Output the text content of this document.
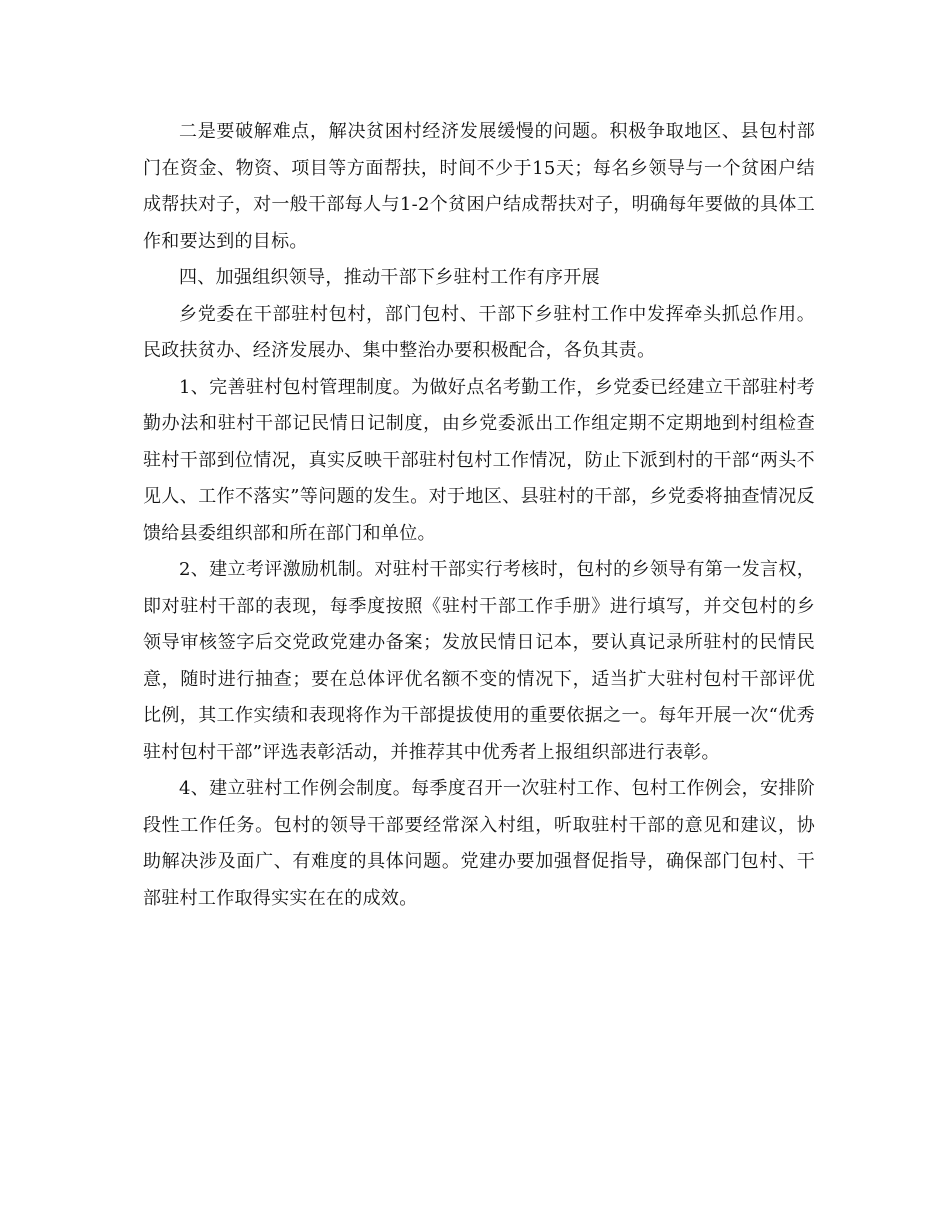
二是要破解难点，解决贫困村经济发展缓慢的问题。积极争取地区、县包村部门在资金、物资、项目等方面帮扶，时间不少于15天；每名乡领导与一个贫困户结成帮扶对子，对一般干部每人与1-2个贫困户结成帮扶对子，明确每年要做的具体工作和要达到的目标。

四、加强组织领导，推动干部下乡驻村工作有序开展

乡党委在干部驻村包村，部门包村、干部下乡驻村工作中发挥牵头抓总作用。民政扶贫办、经济发展办、集中整治办要积极配合，各负其责。

1、完善驻村包村管理制度。为做好点名考勤工作，乡党委已经建立干部驻村考勤办法和驻村干部记民情日记制度，由乡党委派出工作组定期不定期地到村组检查驻村干部到位情况，真实反映干部驻村包村工作情况，防止下派到村的干部“两头不见人、工作不落实”等问题的发生。对于地区、县驻村的干部，乡党委将抽查情况反馈给县委组织部和所在部门和单位。

2、建立考评激励机制。对驻村干部实行考核时，包村的乡领导有第一发言权，即对驻村干部的表现，每季度按照《驻村干部工作手册》进行填写，并交包村的乡领导审核签字后交党政党建办备案；发放民情日记本，要认真记录所驻村的民情民意，随时进行抽查；要在总体评优名额不变的情况下，适当扩大驻村包村干部评优比例，其工作实绩和表现将作为干部提拔使用的重要依据之一。每年开展一次“优秀驻村包村干部”评选表彰活动，并推荐其中优秀者上报组织部进行表彰。

4、建立驻村工作例会制度。每季度召开一次驻村工作、包村工作例会，安排阶段性工作任务。包村的领导干部要经常深入村组，听取驻村干部的意见和建议，协助解决涉及面广、有难度的具体问题。党建办要加强督促指导，确保部门包村、干部驻村工作取得实实在在的成效。
